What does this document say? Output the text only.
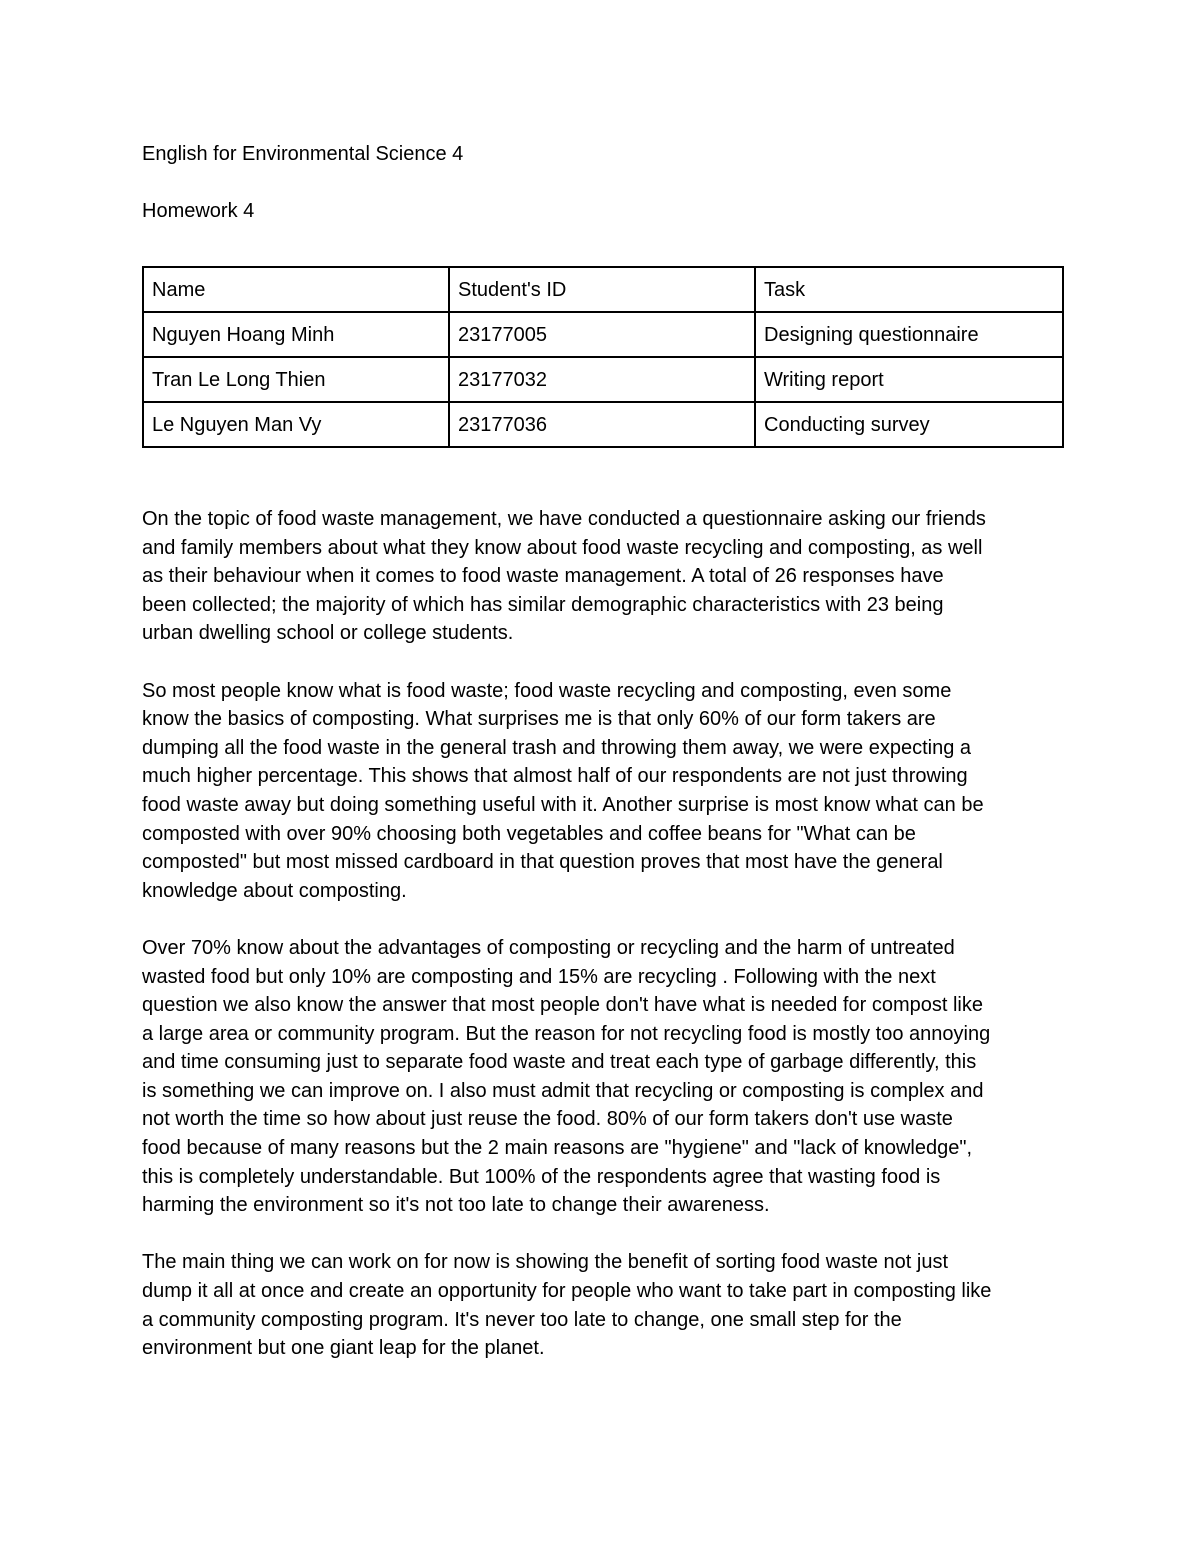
English for Environmental Science 4

Homework 4

Name	Student's ID	Task
Nguyen Hoang Minh	23177005	Designing questionnaire
Tran Le Long Thien	23177032	Writing report
Le Nguyen Man Vy	23177036	Conducting survey

On the topic of food waste management, we have conducted a questionnaire asking our friends
and family members about what they know about food waste recycling and composting, as well
as their behaviour when it comes to food waste management. A total of 26 responses have
been collected; the majority of which has similar demographic characteristics with 23 being
urban dwelling school or college students.

So most people know what is food waste; food waste recycling and composting, even some
know the basics of composting. What surprises me is that only 60% of our form takers are
dumping all the food waste in the general trash and throwing them away, we were expecting a
much higher percentage. This shows that almost half of our respondents are not just throwing
food waste away but doing something useful with it. Another surprise is most know what can be
composted with over 90% choosing both vegetables and coffee beans for "What can be
composted" but most missed cardboard in that question proves that most have the general
knowledge about composting.

Over 70% know about the advantages of composting or recycling and the harm of untreated
wasted food but only 10% are composting and 15% are recycling . Following with the next
question we also know the answer that most people don't have what is needed for compost like
a large area or community program. But the reason for not recycling food is mostly too annoying
and time consuming just to separate food waste and treat each type of garbage differently, this
is something we can improve on. I also must admit that recycling or composting is complex and
not worth the time so how about just reuse the food. 80% of our form takers don't use waste
food because of many reasons but the 2 main reasons are "hygiene" and "lack of knowledge",
this is completely understandable. But 100% of the respondents agree that wasting food is
harming the environment so it's not too late to change their awareness.

The main thing we can work on for now is showing the benefit of sorting food waste not just
dump it all at once and create an opportunity for people who want to take part in composting like
a community composting program. It's never too late to change, one small step for the
environment but one giant leap for the planet.
